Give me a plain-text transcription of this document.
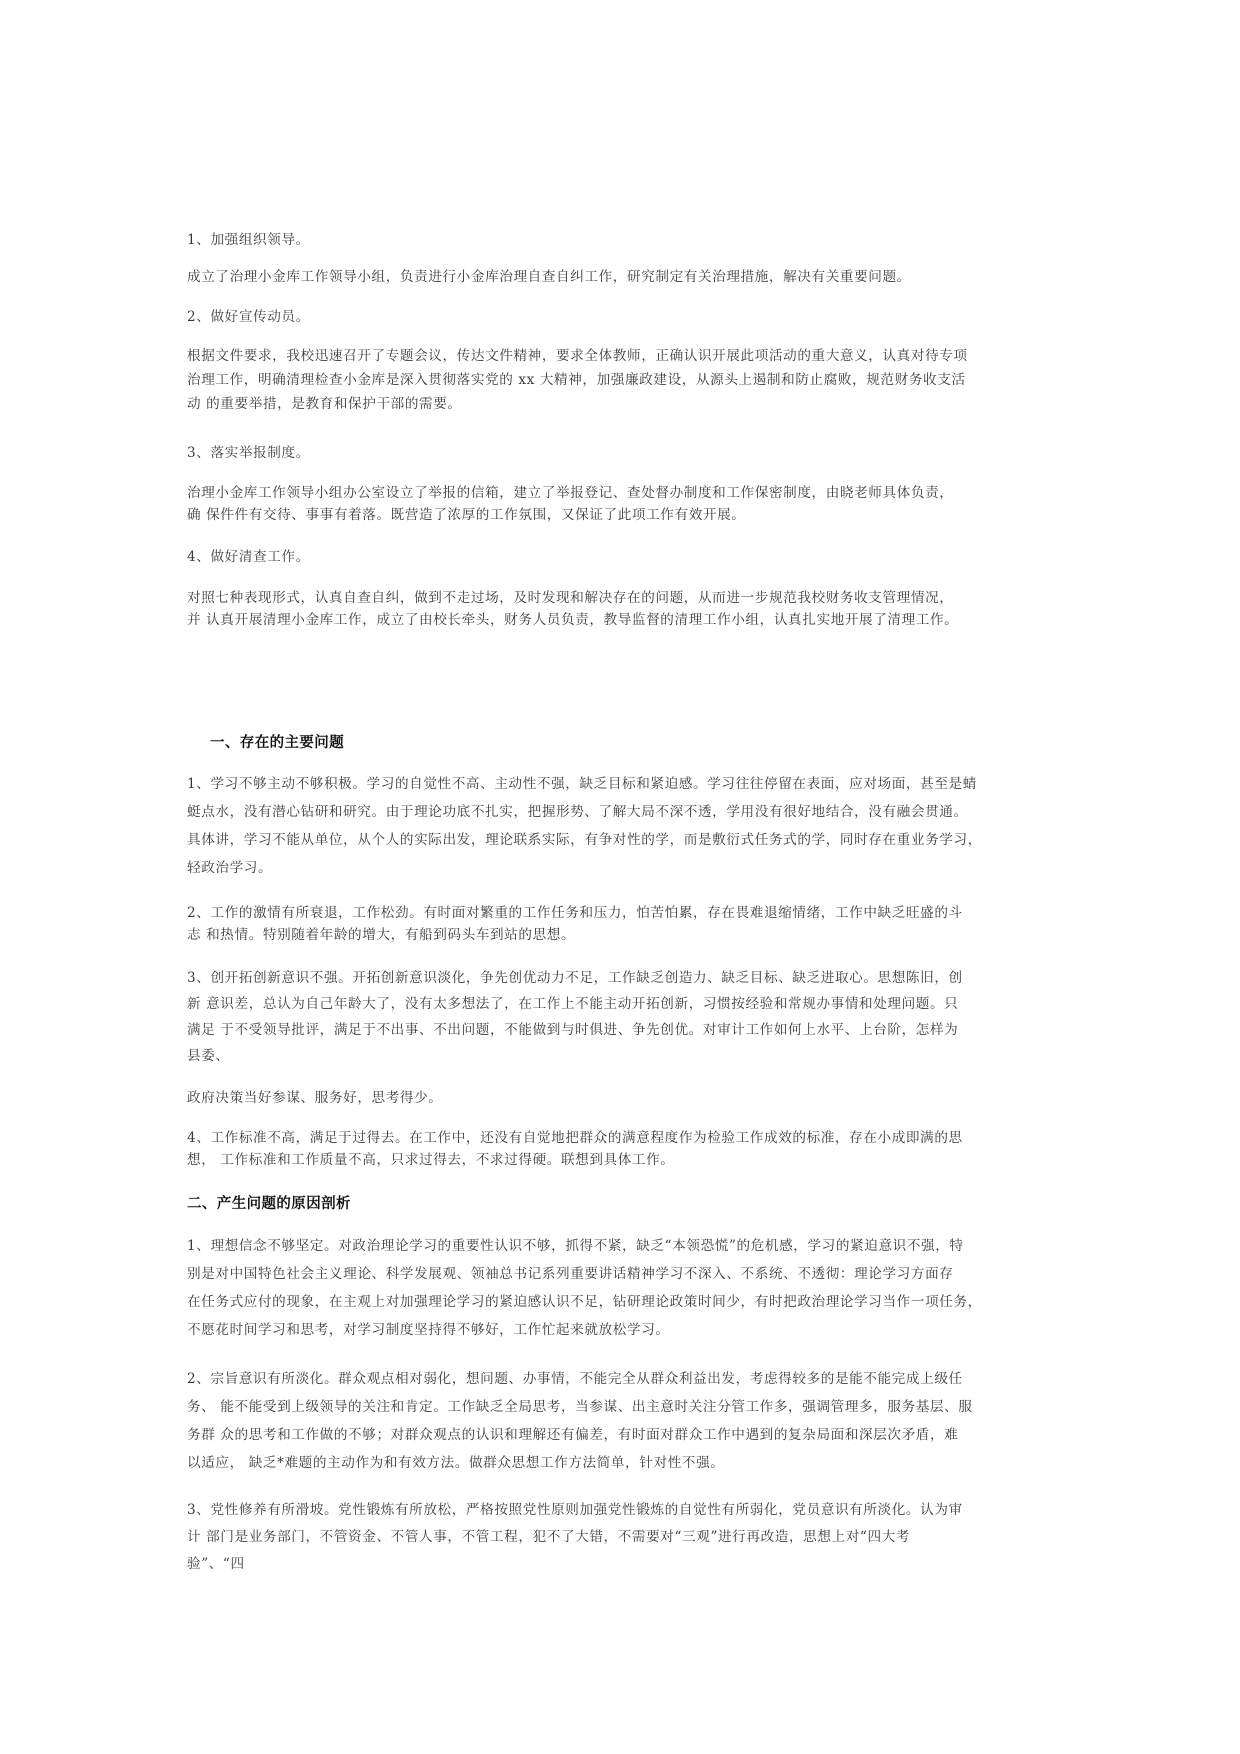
1、加强组织领导。

成立了治理小金库工作领导小组，负责进行小金库治理自查自纠工作，研究制定有关治理措施，解决有关重要问题。

2、做好宣传动员。

根据文件要求，我校迅速召开了专题会议，传达文件精神，要求全体教师，正确认识开展此项活动的重大意义，认真对待专项
治理工作，明确清理检查小金库是深入贯彻落实党的 xx 大精神，加强廉政建设，从源头上遏制和防止腐败，规范财务收支活
动 的重要举措，是教育和保护干部的需要。

3、落实举报制度。

治理小金库工作领导小组办公室设立了举报的信箱，建立了举报登记、查处督办制度和工作保密制度，由晓老师具体负责，
确 保件件有交待、事事有着落。既营造了浓厚的工作氛围，又保证了此项工作有效开展。

4、做好清查工作。

对照七种表现形式，认真自查自纠，做到不走过场，及时发现和解决存在的问题，从而进一步规范我校财务收支管理情况，
并 认真开展清理小金库工作，成立了由校长牵头，财务人员负责，教导监督的清理工作小组，认真扎实地开展了清理工作。

一、存在的主要问题

1、学习不够主动不够积极。学习的自觉性不高、主动性不强，缺乏目标和紧迫感。学习往往停留在表面，应对场面，甚至是蜻
蜓点水，没有潜心钻研和研究。由于理论功底不扎实，把握形势、了解大局不深不透，学用没有很好地结合，没有融会贯通。
具体讲，学习不能从单位，从个人的实际出发，理论联系实际，有争对性的学，而是敷衍式任务式的学，同时存在重业务学习，
轻政治学习。

2、工作的激情有所衰退，工作松劲。有时面对繁重的工作任务和压力，怕苦怕累，存在畏难退缩情绪，工作中缺乏旺盛的斗
志 和热情。特别随着年龄的增大，有船到码头车到站的思想。

3、创开拓创新意识不强。开拓创新意识淡化，争先创优动力不足，工作缺乏创造力、缺乏目标、缺乏进取心。思想陈旧，创
新 意识差，总认为自己年龄大了，没有太多想法了，在工作上不能主动开拓创新，习惯按经验和常规办事情和处理问题。只
满足 于不受领导批评，满足于不出事、不出问题，不能做到与时俱进、争先创优。对审计工作如何上水平、上台阶，怎样为
县委、

政府决策当好参谋、服务好，思考得少。

4、工作标准不高，满足于过得去。在工作中，还没有自觉地把群众的满意程度作为检验工作成效的标准，存在小成即满的思
想， 工作标准和工作质量不高，只求过得去，不求过得硬。联想到具体工作。

二、产生问题的原因剖析

1、理想信念不够坚定。对政治理论学习的重要性认识不够，抓得不紧，缺乏“本领恐慌”的危机感，学习的紧迫意识不强，特
别是对中国特色社会主义理论、科学发展观、领袖总书记系列重要讲话精神学习不深入、不系统、不透彻：理论学习方面存
在任务式应付的现象，在主观上对加强理论学习的紧迫感认识不足，钻研理论政策时间少，有时把政治理论学习当作一项任务，
不愿花时间学习和思考，对学习制度坚持得不够好，工作忙起来就放松学习。

2、宗旨意识有所淡化。群众观点相对弱化，想问题、办事情，不能完全从群众利益出发，考虑得较多的是能不能完成上级任
务、 能不能受到上级领导的关注和肯定。工作缺乏全局思考，当参谋、出主意时关注分管工作多，强调管理多，服务基层、服
务群 众的思考和工作做的不够；对群众观点的认识和理解还有偏差，有时面对群众工作中遇到的复杂局面和深层次矛盾，难
以适应， 缺乏*难题的主动作为和有效方法。做群众思想工作方法简单，针对性不强。

3、党性修养有所滑坡。党性锻炼有所放松，严格按照党性原则加强党性锻炼的自觉性有所弱化，党员意识有所淡化。认为审
计 部门是业务部门，不管资金、不管人事，不管工程，犯不了大错，不需要对“三观”进行再改造，思想上对“四大考
验”、“四
